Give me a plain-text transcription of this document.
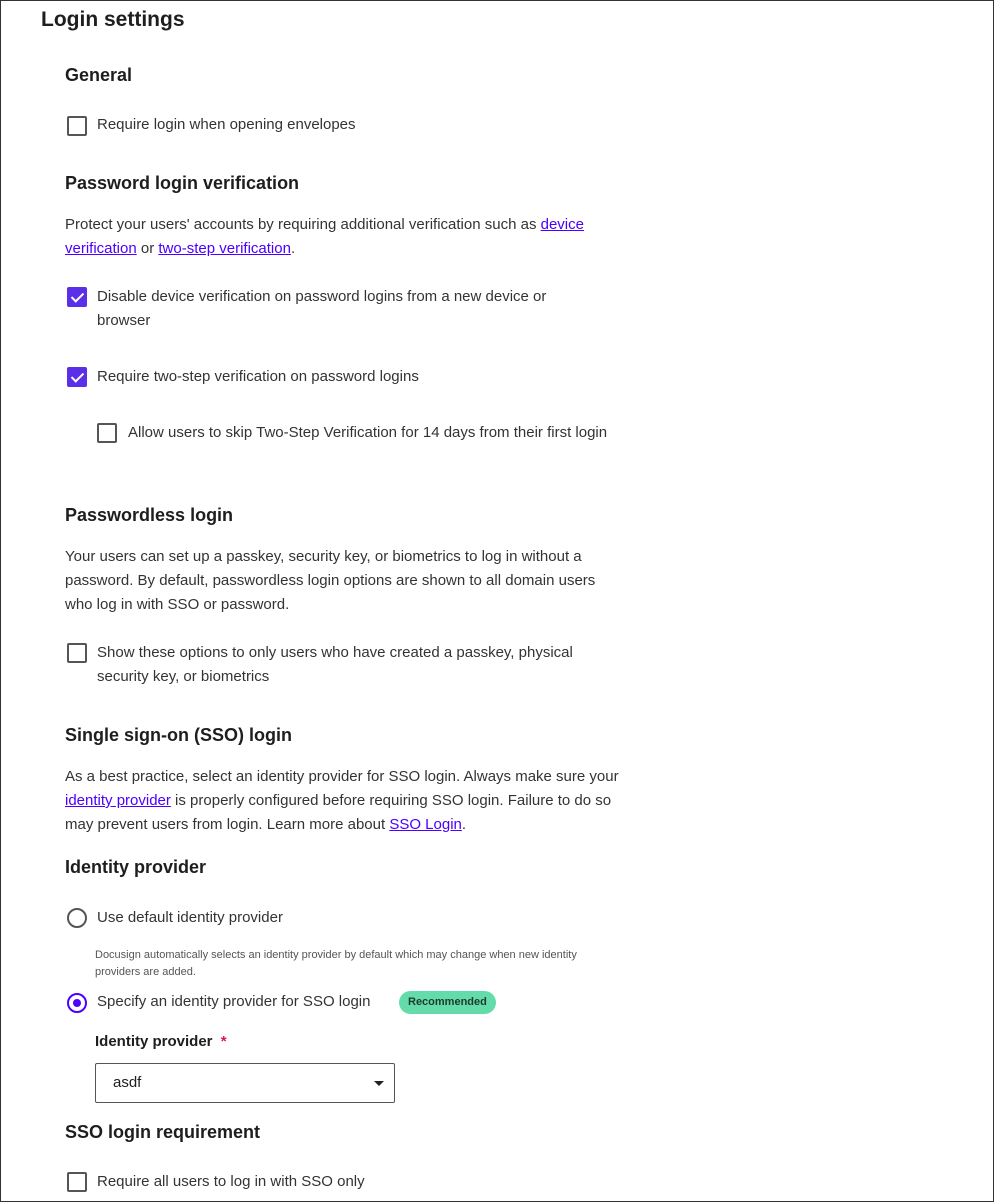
Login settings
General
Require login when opening envelopes
Password login verification
Protect your users' accounts by requiring additional verification such as device verification or two-step verification.
Disable device verification on password logins from a new device or browser
Require two-step verification on password logins
Allow users to skip Two-Step Verification for 14 days from their first login
Passwordless login
Your users can set up a passkey, security key, or biometrics to log in without a password. By default, passwordless login options are shown to all domain users who log in with SSO or password.
Show these options to only users who have created a passkey, physical security key, or biometrics
Single sign-on (SSO) login
As a best practice, select an identity provider for SSO login. Always make sure your identity provider is properly configured before requiring SSO login. Failure to do so may prevent users from login. Learn more about SSO Login.
Identity provider
Use default identity provider
Docusign automatically selects an identity provider by default which may change when new identity providers are added.
Specify an identity provider for SSO login	Recommended
Identity provider *
asdf
SSO login requirement
Require all users to log in with SSO only
